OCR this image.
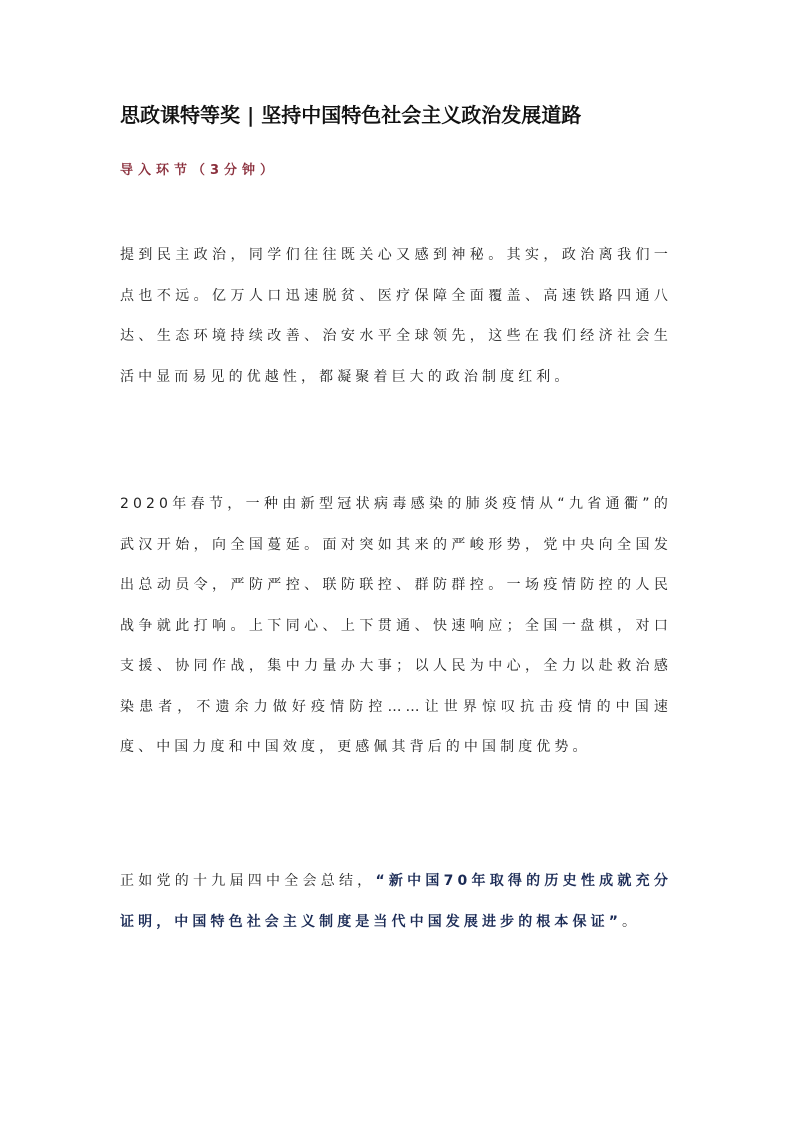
思政课特等奖 | 坚持中国特色社会主义政治发展道路
导入环节（3分钟）
提到民主政治，同学们往往既关心又感到神秘。其实，政治离我们一点也不远。亿万人口迅速脱贫、医疗保障全面覆盖、高速铁路四通八达、生态环境持续改善、治安水平全球领先，这些在我们经济社会生活中显而易见的优越性，都凝聚着巨大的政治制度红利。
2020年春节，一种由新型冠状病毒感染的肺炎疫情从“九省通衢”的武汉开始，向全国蔓延。面对突如其来的严峻形势，党中央向全国发出总动员令，严防严控、联防联控、群防群控。一场疫情防控的人民战争就此打响。上下同心、上下贯通、快速响应；全国一盘棋，对口支援、协同作战，集中力量办大事；以人民为中心，全力以赴救治感染患者，不遗余力做好疫情防控……让世界惊叹抗击疫情的中国速度、中国力度和中国效度，更感佩其背后的中国制度优势。
正如党的十九届四中全会总结，“新中国70年取得的历史性成就充分证明，中国特色社会主义制度是当代中国发展进步的根本保证”。
